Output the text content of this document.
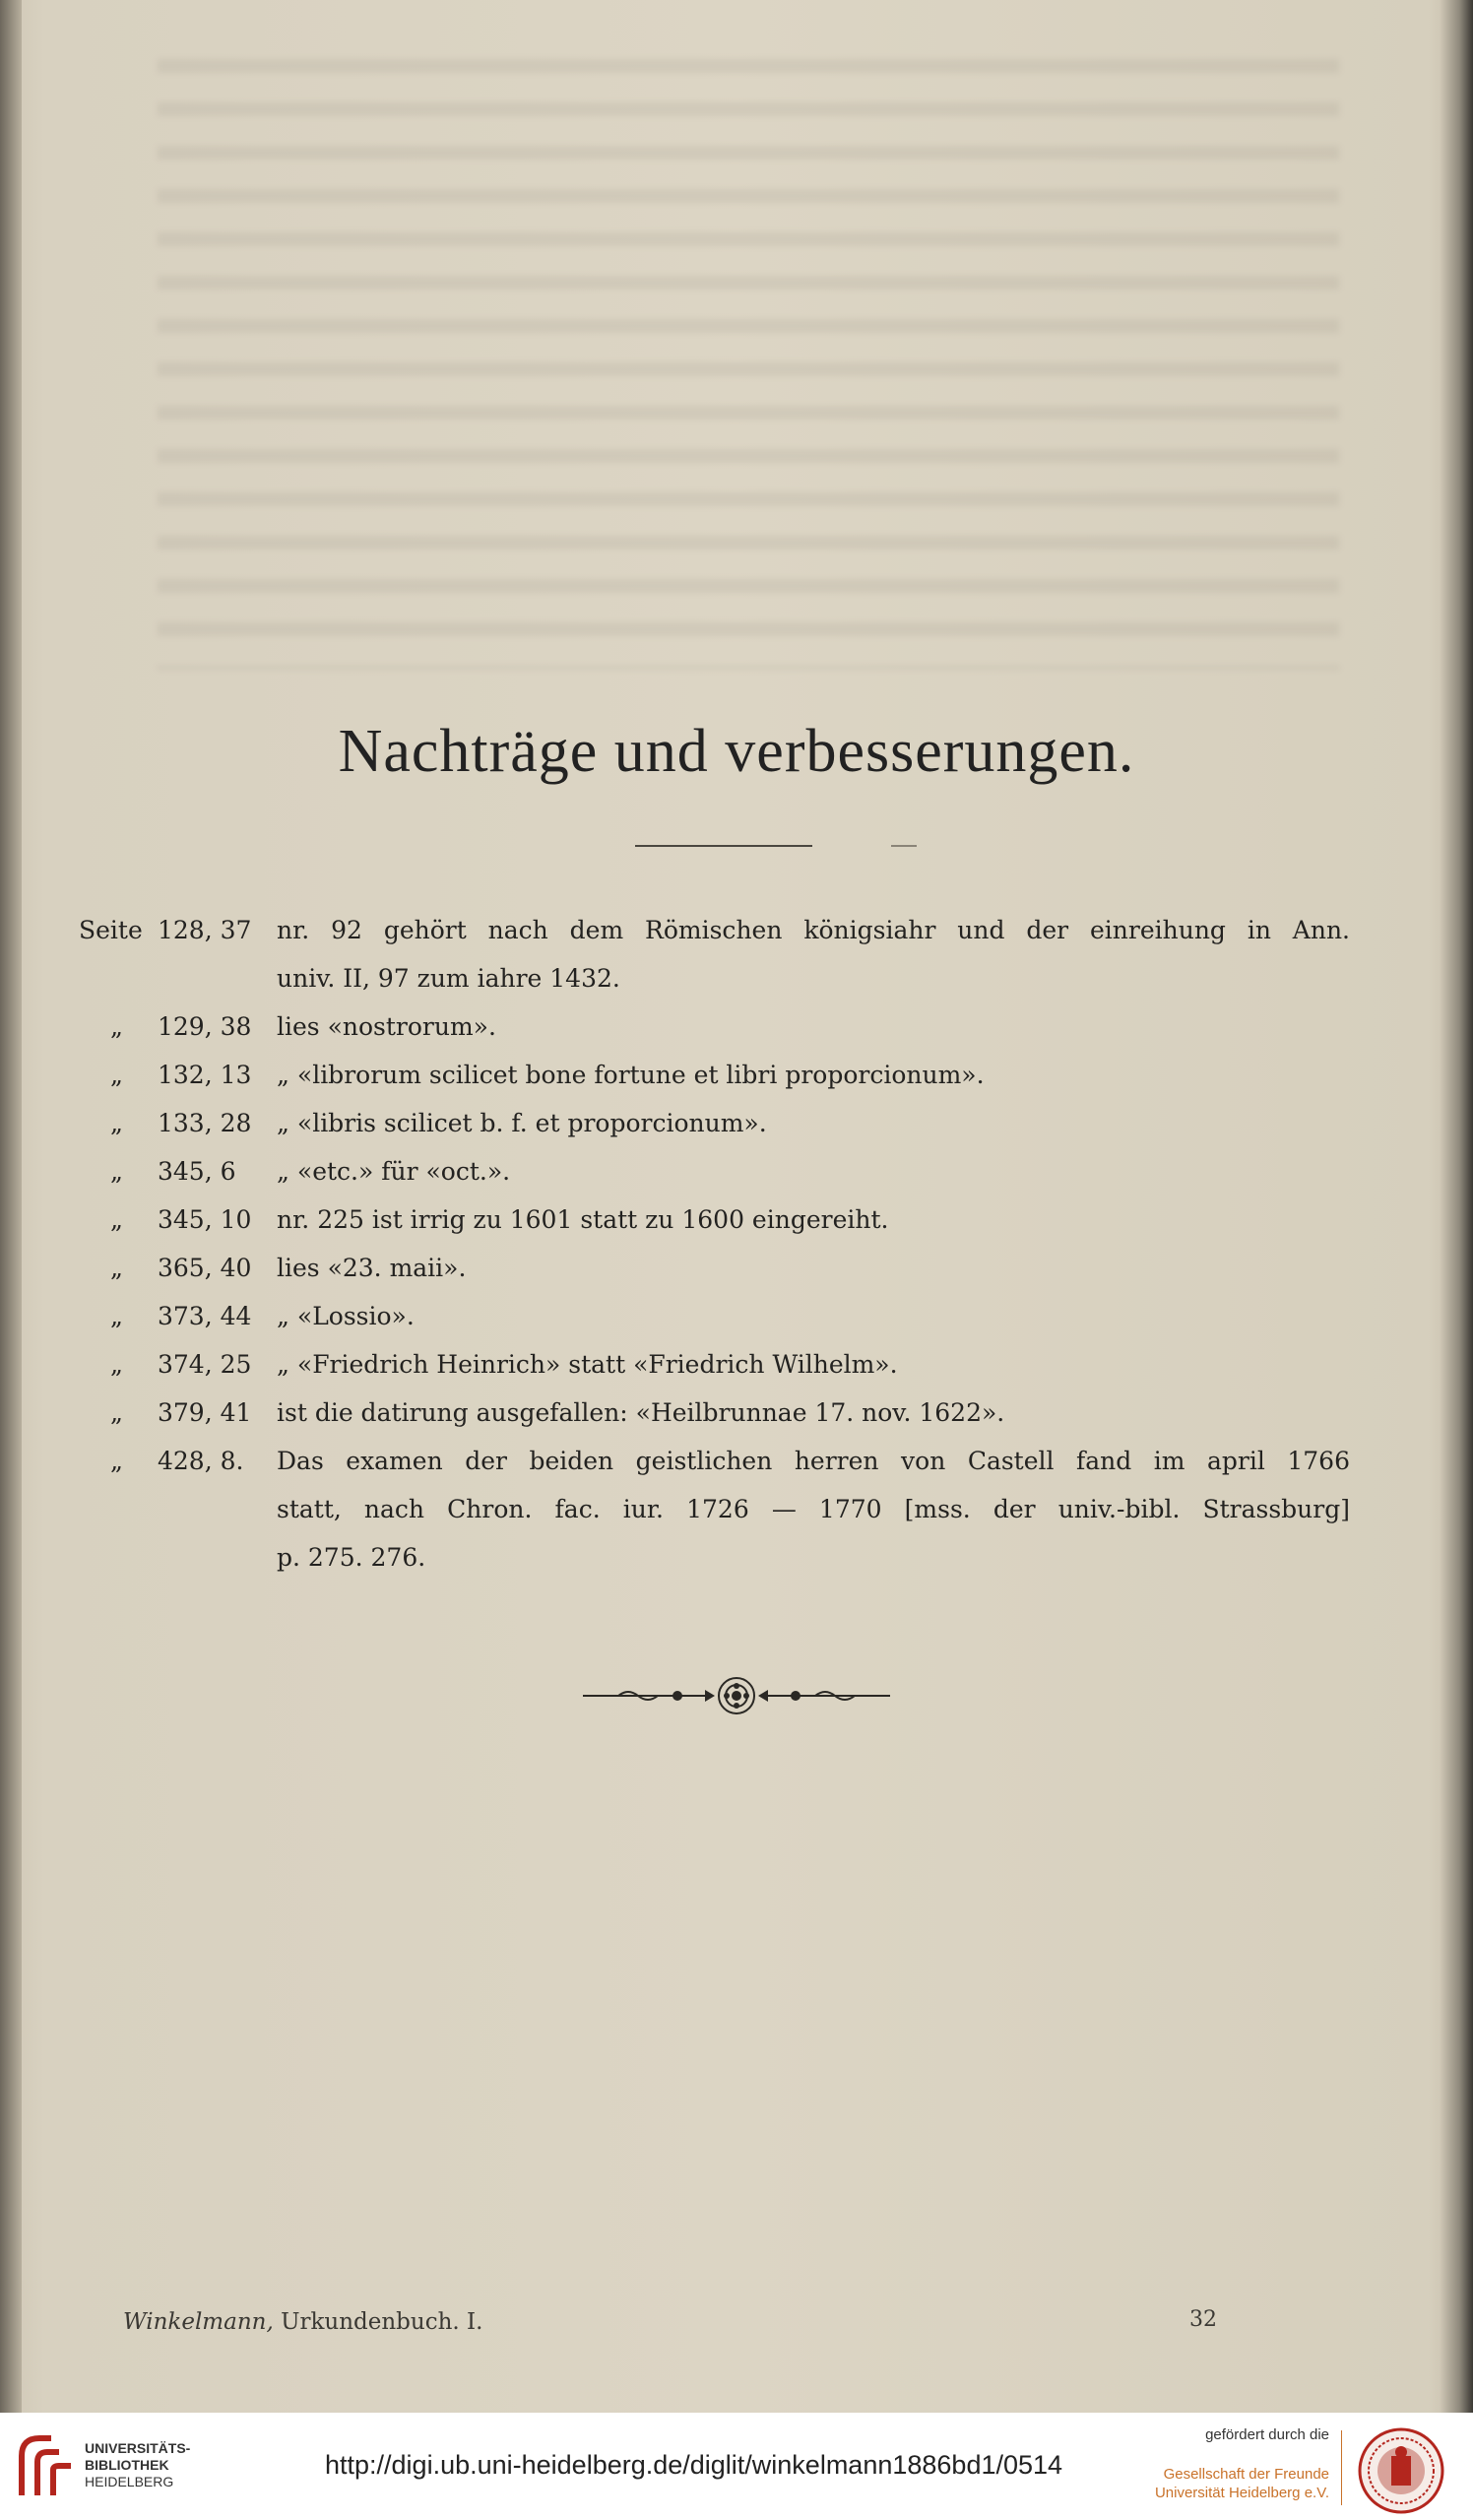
Nachträge und verbesserungen.
Seite 128, 37	nr. 92 gehört nach dem Römischen königsiahr und der einreihung in Ann.
univ. II, 97 zum iahre 1432.
„	129, 38	lies «nostrorum».
„	132, 13	„ «librorum scilicet bone fortune et libri proporcionum».
„	133, 28	„ «libris scilicet b. f. et proporcionum».
„	345, 6	„ «etc.» für «oct.».
„	345, 10	nr. 225 ist irrig zu 1601 statt zu 1600 eingereiht.
„	365, 40	lies «23. maii».
„	373, 44	„ «Lossio».
„	374, 25	„ «Friedrich Heinrich» statt «Friedrich Wilhelm».
„	379, 41	ist die datirung ausgefallen: «Heilbrunnae 17. nov. 1622».
„	428, 8.	Das examen der beiden geistlichen herren von Castell fand im april 1766
statt, nach Chron. fac. iur. 1726 — 1770 [mss. der univ.-bibl. Strassburg]
p. 275. 276.
Winkelmann, Urkundenbuch. I.	32
UNIVERSITÄTS-
BIBLIOTHEK
HEIDELBERG
http://digi.ub.uni-heidelberg.de/diglit/winkelmann1886bd1/0514
gefördert durch die
Gesellschaft der Freunde
Universität Heidelberg e.V.
